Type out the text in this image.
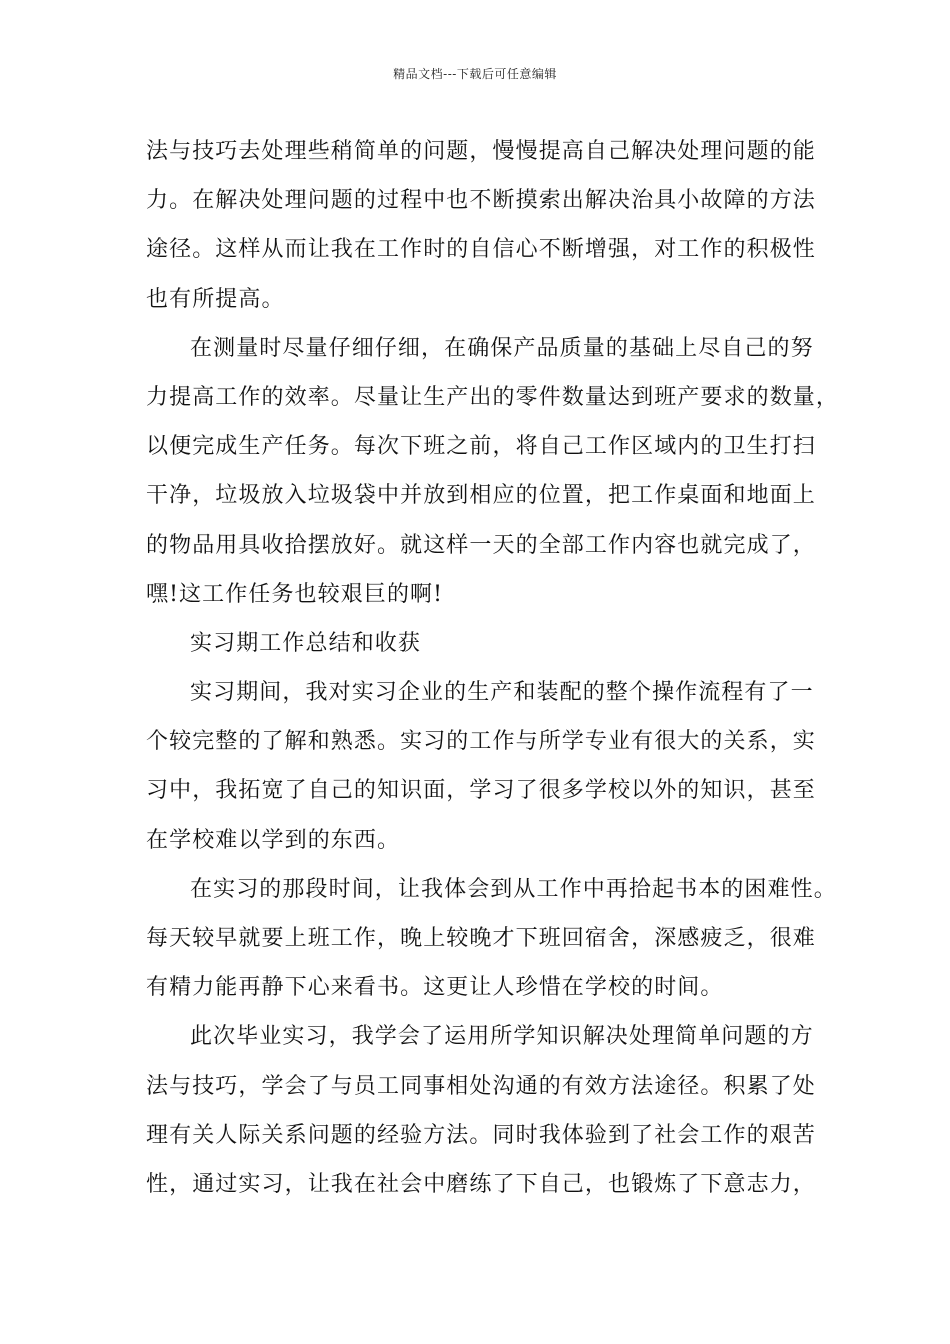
精品文档---下载后可任意编辑
法与技巧去处理些稍简单的问题，慢慢提高自己解决处理问题的能
力。在解决处理问题的过程中也不断摸索出解决治具小故障的方法
途径。这样从而让我在工作时的自信心不断增强，对工作的积极性
也有所提高。
在测量时尽量仔细仔细，在确保产品质量的基础上尽自己的努
力提高工作的效率。尽量让生产出的零件数量达到班产要求的数量，
以便完成生产任务。每次下班之前，将自己工作区域内的卫生打扫
干净，垃圾放入垃圾袋中并放到相应的位置，把工作桌面和地面上
的物品用具收拾摆放好。就这样一天的全部工作内容也就完成了，
嘿!这工作任务也较艰巨的啊!
实习期工作总结和收获
实习期间，我对实习企业的生产和装配的整个操作流程有了一
个较完整的了解和熟悉。实习的工作与所学专业有很大的关系，实
习中，我拓宽了自己的知识面，学习了很多学校以外的知识，甚至
在学校难以学到的东西。
在实习的那段时间，让我体会到从工作中再拾起书本的困难性。
每天较早就要上班工作，晚上较晚才下班回宿舍，深感疲乏，很难
有精力能再静下心来看书。这更让人珍惜在学校的时间。
此次毕业实习，我学会了运用所学知识解决处理简单问题的方
法与技巧，学会了与员工同事相处沟通的有效方法途径。积累了处
理有关人际关系问题的经验方法。同时我体验到了社会工作的艰苦
性，通过实习，让我在社会中磨练了下自己，也锻炼了下意志力，
